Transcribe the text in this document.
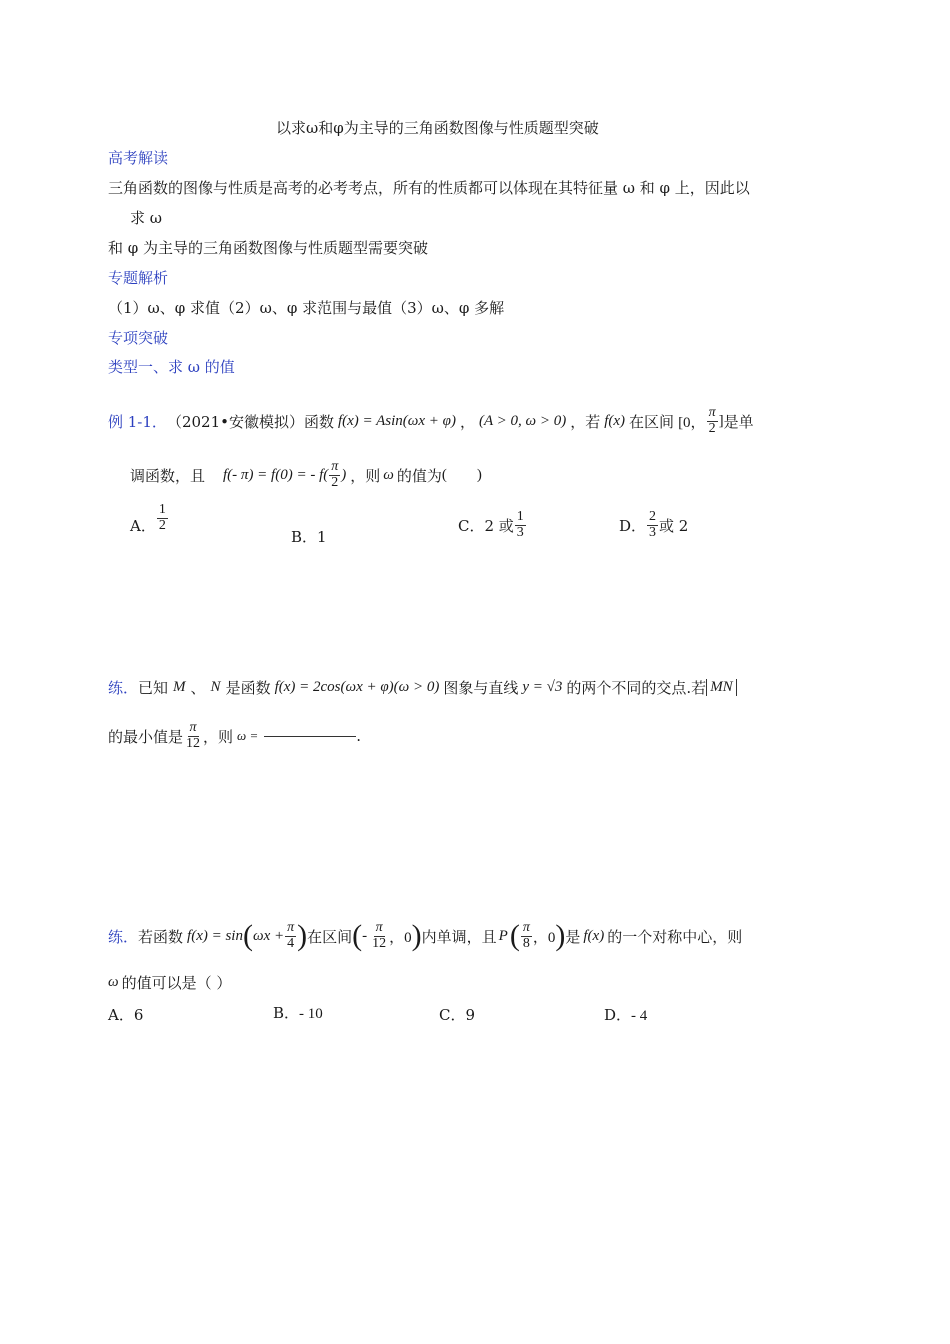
以求ω和φ为主导的三角函数图像与性质题型突破
高考解读
三角函数的图像与性质是高考的必考考点，所有的性质都可以体现在其特征量 ω 和 φ 上，因此以
求 ω
和 φ 为主导的三角函数图像与性质题型需要突破
专题解析
（1）ω、φ 求值（2）ω、φ 求范围与最值（3）ω、φ 多解
专项突破
类型一、求 ω 的值
例 1-1． （2021•安徽模拟）函数 f(x) = Asin(ωx + φ) ， (A > 0, ω > 0) ，若 f(x) 在区间 [0， $\frac{\pi}{2}$ ] 是单
调函数，且 f(- π) = f(0) = - $f( \frac{\pi}{2}$ ) ，则 ω 的值为 (        )
A． $\frac{1}{2}$
B．1
C．2 或 $\frac{1}{3}$	D． $\frac{2}{3}$ 或 2
练． 已知 M 、 N 是函数 f(x) = 2cos(ωx + φ)(ω > 0) 图象与直线 y = √3 的两个不同的交点.若 MN
的最小值是 $\frac{\pi}{12}$ ，则 ω =	.
练． 若函数 f(x) = sin ( $\omega x + \frac{\pi}{4}$ ) 在区间 ( - $\frac{\pi}{12}$ ，0 ) 内单调，且 P ( $\frac{\pi}{8}$ ，0 ) 是 f(x) 的一个对称中心，则
ω 的值可以是（ ）
A．6	B．- 10	C．9	D．- 4
